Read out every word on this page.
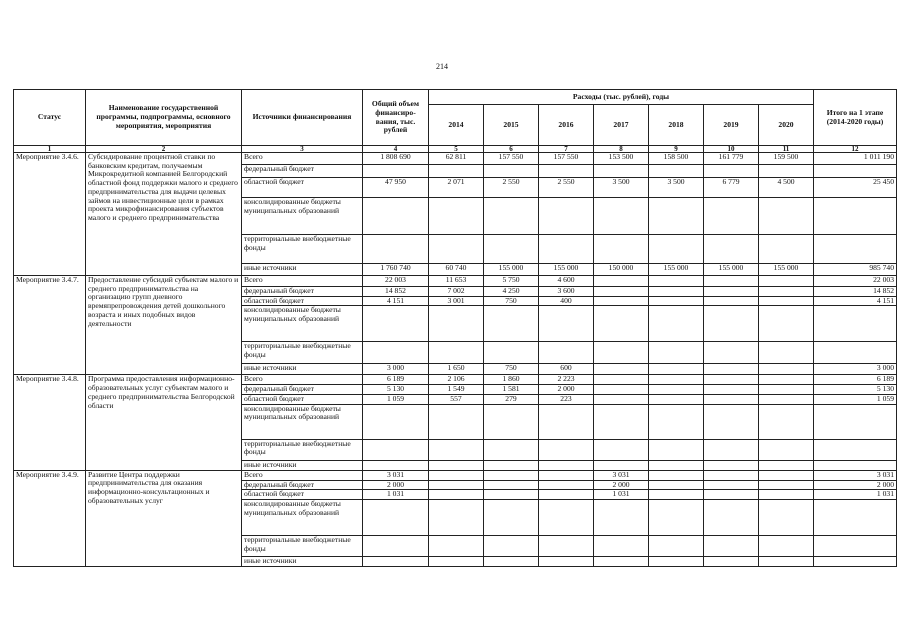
214
Статус	Наименование государственной программы, подпрограммы, основного мероприятия, мероприятия	Источники финансирования	Общий объем финансиро-вания, тыс. рублей	Расходы (тыс. рублей), годы							Итого на 1 этапе (2014-2020 годы)
				2014	2015	2016	2017	2018	2019	2020	
1	2	3	4	5	6	7	8	9	10	11	12
Мероприятие 3.4.6.	Субсидирование процентной ставки по банковским кредитам, получаемым Микрокредитной компанией Белгородский областной фонд поддержки малого и среднего предпринимательства для выдачи целевых займов на инвестиционные цели в рамках проекта микрофинансирования субъектов малого и среднего предпринимательства	Всего	1 808 690	62 811	157 550	157 550	153 500	158 500	161 779	159 500	1 011 190
		федеральный бюджет									
		областной бюджет	47 950	2 071	2 550	2 550	3 500	3 500	6 779	4 500	25 450
		консолидированные бюджеты муниципальных образований									
		территориальные внебюджетные фонды									
		иные источники	1 760 740	60 740	155 000	155 000	150 000	155 000	155 000	155 000	985 740
Мероприятие 3.4.7.	Предоставление субсидий субъектам малого и среднего предпринимательства на организацию групп дневного времяпрепровождения детей дошкольного возраста и иных подобных видов деятельности	Всего	22 003	11 653	5 750	4 600					22 003
		федеральный бюджет	14 852	7 002	4 250	3 600					14 852
		областной бюджет	4 151	3 001	750	400					4 151
		консолидированные бюджеты муниципальных образований									
		территориальные внебюджетные фонды									
		иные источники	3 000	1 650	750	600					3 000
Мероприятие 3.4.8.	Программа предоставления информационно-образовательных услуг субъектам малого и среднего предпринимательства Белгородской области	Всего	6 189	2 106	1 860	2 223					6 189
		федеральный бюджет	5 130	1 549	1 581	2 000					5 130
		областной бюджет	1 059	557	279	223					1 059
		консолидированные бюджеты муниципальных образований									
		территориальные внебюджетные фонды									
		иные источники									
Мероприятие 3.4.9.	Развитие Центра поддержки предпринимательства для оказания информационно-консультационных и образовательных услуг	Всего	3 031				3 031				3 031
		федеральный бюджет	2 000				2 000				2 000
		областной бюджет	1 031				1 031				1 031
		консолидированные бюджеты муниципальных образований									
		территориальные внебюджетные фонды									
		иные источники									
